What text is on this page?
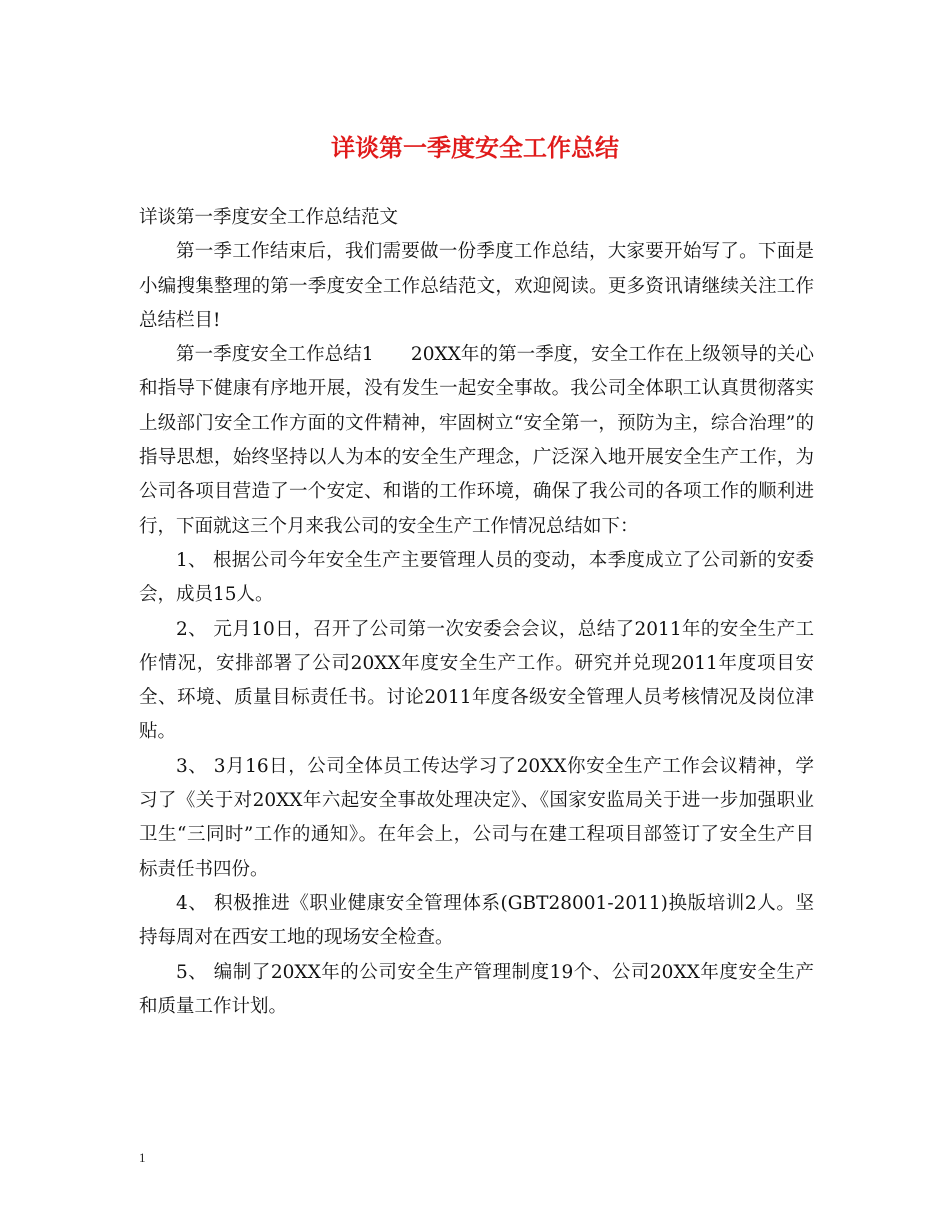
详谈第一季度安全工作总结

详谈第一季度安全工作总结范文

第一季工作结束后，我们需要做一份季度工作总结，大家要开始写了。下面是小编搜集整理的第一季度安全工作总结范文，欢迎阅读。更多资讯请继续关注工作总结栏目!

第一季度安全工作总结1　　20XX年的第一季度，安全工作在上级领导的关心和指导下健康有序地开展，没有发生一起安全事故。我公司全体职工认真贯彻落实上级部门安全工作方面的文件精神，牢固树立“安全第一，预防为主，综合治理”的指导思想，始终坚持以人为本的安全生产理念，广泛深入地开展安全生产工作，为公司各项目营造了一个安定、和谐的工作环境，确保了我公司的各项工作的顺利进行，下面就这三个月来我公司的安全生产工作情况总结如下：

1、 根据公司今年安全生产主要管理人员的变动，本季度成立了公司新的安委会，成员15人。

2、 元月10日，召开了公司第一次安委会会议，总结了2011年的安全生产工作情况，安排部署了公司20XX年度安全生产工作。研究并兑现2011年度项目安全、环境、质量目标责任书。讨论2011年度各级安全管理人员考核情况及岗位津贴。

3、 3月16日，公司全体员工传达学习了20XX你安全生产工作会议精神，学习了《关于对20XX年六起安全事故处理决定》、《国家安监局关于进一步加强职业卫生“三同时”工作的通知》。在年会上，公司与在建工程项目部签订了安全生产目标责任书四份。

4、 积极推进《职业健康安全管理体系(GBT28001-2011)换版培训2人。坚持每周对在西安工地的现场安全检查。

5、 编制了20XX年的公司安全生产管理制度19个、公司20XX年度安全生产和质量工作计划。

1
